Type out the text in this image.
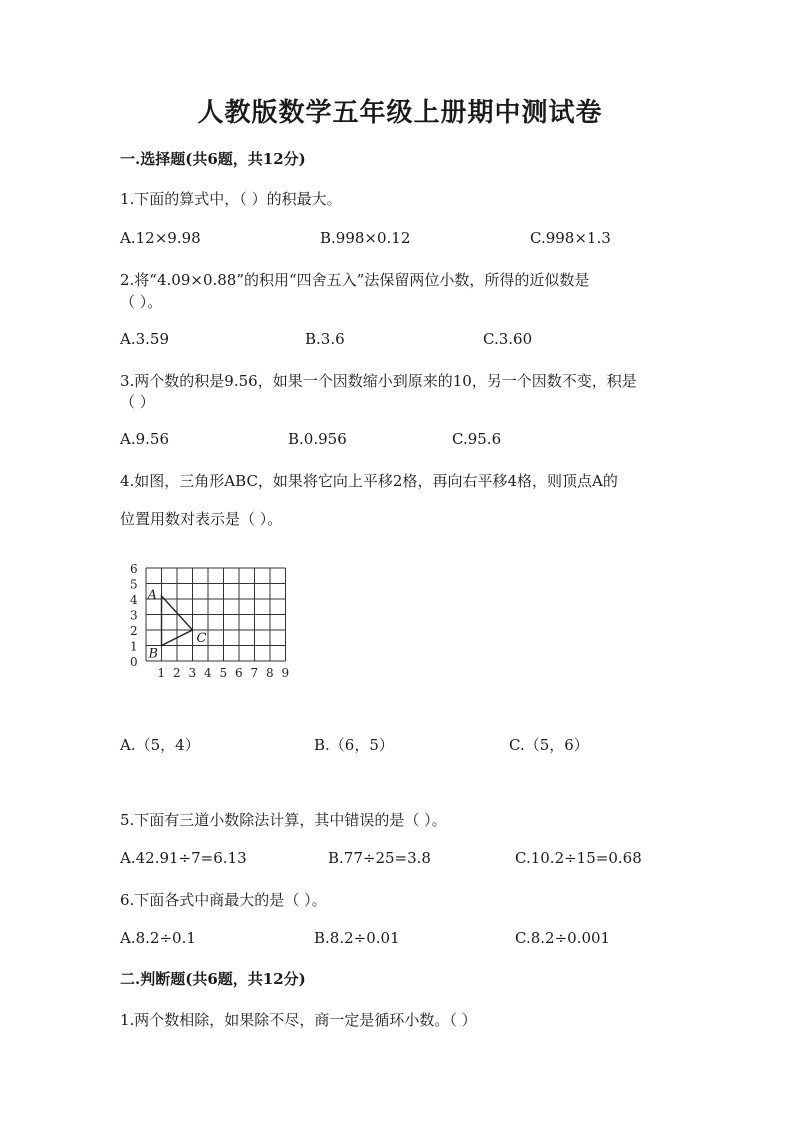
人教版数学五年级上册期中测试卷
一.选择题(共6题，共12分)
1.下面的算式中，（ ）的积最大。
A.12×9.98	B.998×0.12	C.998×1.3
2.将“4.09×0.88”的积用“四舍五入”法保留两位小数，所得的近似数是
（ ）。
A.3.59	B.3.6	C.3.60
3.两个数的积是9.56，如果一个因数缩小到原来的10，另一个因数不变，积是
（ ）
A.9.56	B.0.956	C.95.6
4.如图，三角形ABC，如果将它向上平移2格，再向右平移4格，则顶点A的
位置用数对表示是（ ）。
6
5
4
3
2
1
0
1 2 3 4 5 6 7 8 9
A
B
C
A.（5，4）	B.（6，5）	C.（5，6）
5.下面有三道小数除法计算，其中错误的是（ ）。
A.42.91÷7=6.13	B.77÷25=3.8	C.10.2÷15=0.68
6.下面各式中商最大的是（ ）。
A.8.2÷0.1	B.8.2÷0.01	C.8.2÷0.001
二.判断题(共6题，共12分)
1.两个数相除，如果除不尽，商一定是循环小数。（ ）
